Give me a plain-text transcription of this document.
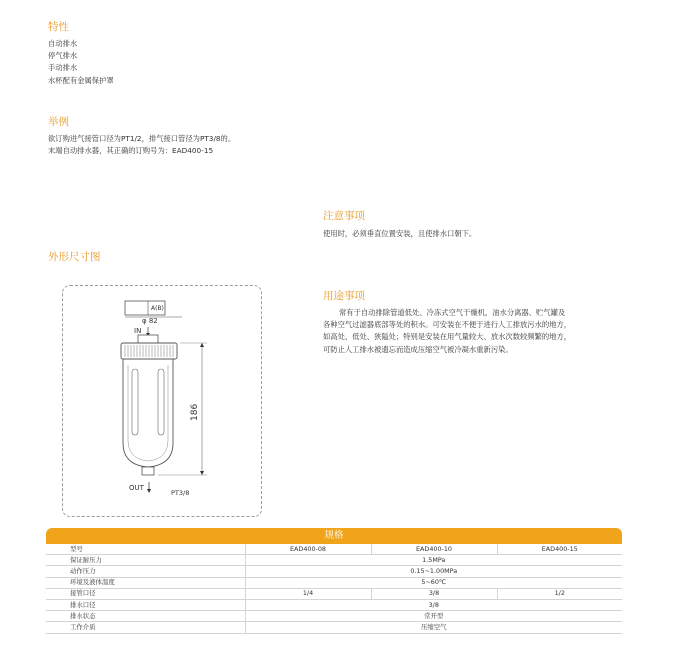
特性

自动排水

停气排水

手动排水

水杯配有金属保护罩

举例

欲订购进气接管口径为PT1/2，排气接口管径为PT3/8的。

末端自动排水器，其正确的订购号为：EAD400-15

注意事项

使用时，必须垂直位置安装，且使排水口朝下。

外形尺寸图
A(B)
φ 82
IN
186
OUT
PT3/8
用途事项

常有于自动排除管道低处、冷冻式空气干燥机，油水分离器、贮气罐及

各种空气过滤器底部等处的积水。可安装在不便于进行人工排放污水的地方，

如高处、低处、狭隘处；特别是安装在用气量较大、放水次数较频繁的地方，

可防止人工排水被遗忘而造成压缩空气被冷凝水重新污染。

规格
型号	EAD400-08	EAD400-10	EAD400-15
保证耐压力	1.5MPa		
动作压力	0.15~1.00MPa		
环境及液体温度	5~60℃		
接管口径	1/4	3/8	1/2
排水口径	3/8		
排水状态	常开型		
工作介质	压缩空气		
